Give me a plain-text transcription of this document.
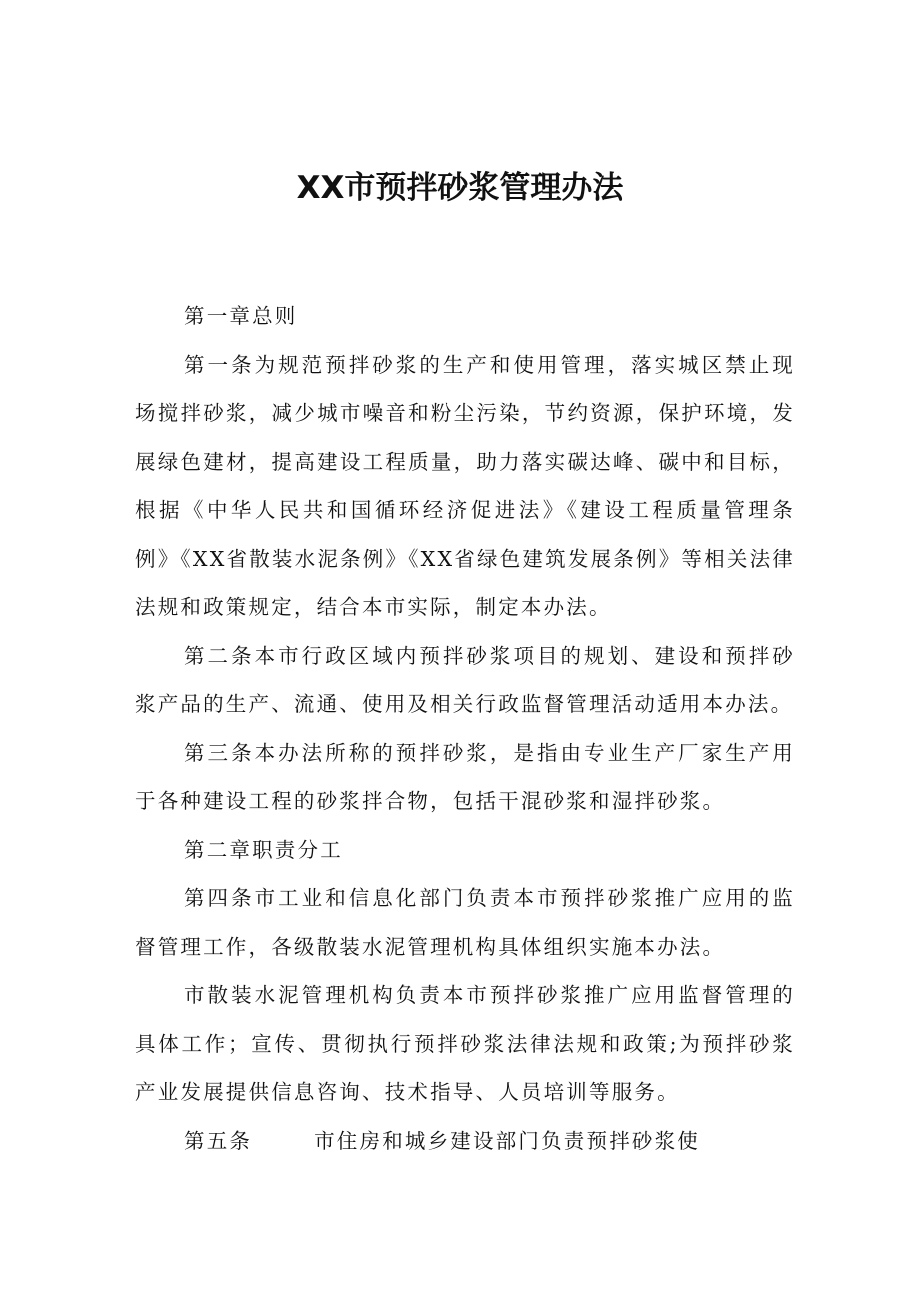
XX市预拌砂浆管理办法

第一章总则

第一条为规范预拌砂浆的生产和使用管理，落实城区禁止现场搅拌砂浆，减少城市噪音和粉尘污染，节约资源，保护环境，发展绿色建材，提高建设工程质量，助力落实碳达峰、碳中和目标，根据《中华人民共和国循环经济促进法》《建设工程质量管理条例》《XX省散装水泥条例》《XX省绿色建筑发展条例》等相关法律法规和政策规定，结合本市实际，制定本办法。

第二条本市行政区域内预拌砂浆项目的规划、建设和预拌砂浆产品的生产、流通、使用及相关行政监督管理活动适用本办法。

第三条本办法所称的预拌砂浆，是指由专业生产厂家生产用于各种建设工程的砂浆拌合物，包括干混砂浆和湿拌砂浆。

第二章职责分工

第四条市工业和信息化部门负责本市预拌砂浆推广应用的监督管理工作，各级散装水泥管理机构具体组织实施本办法。

市散装水泥管理机构负责本市预拌砂浆推广应用监督管理的具体工作；宣传、贯彻执行预拌砂浆法律法规和政策;为预拌砂浆产业发展提供信息咨询、技术指导、人员培训等服务。

第五条	市住房和城乡建设部门负责预拌砂浆使
